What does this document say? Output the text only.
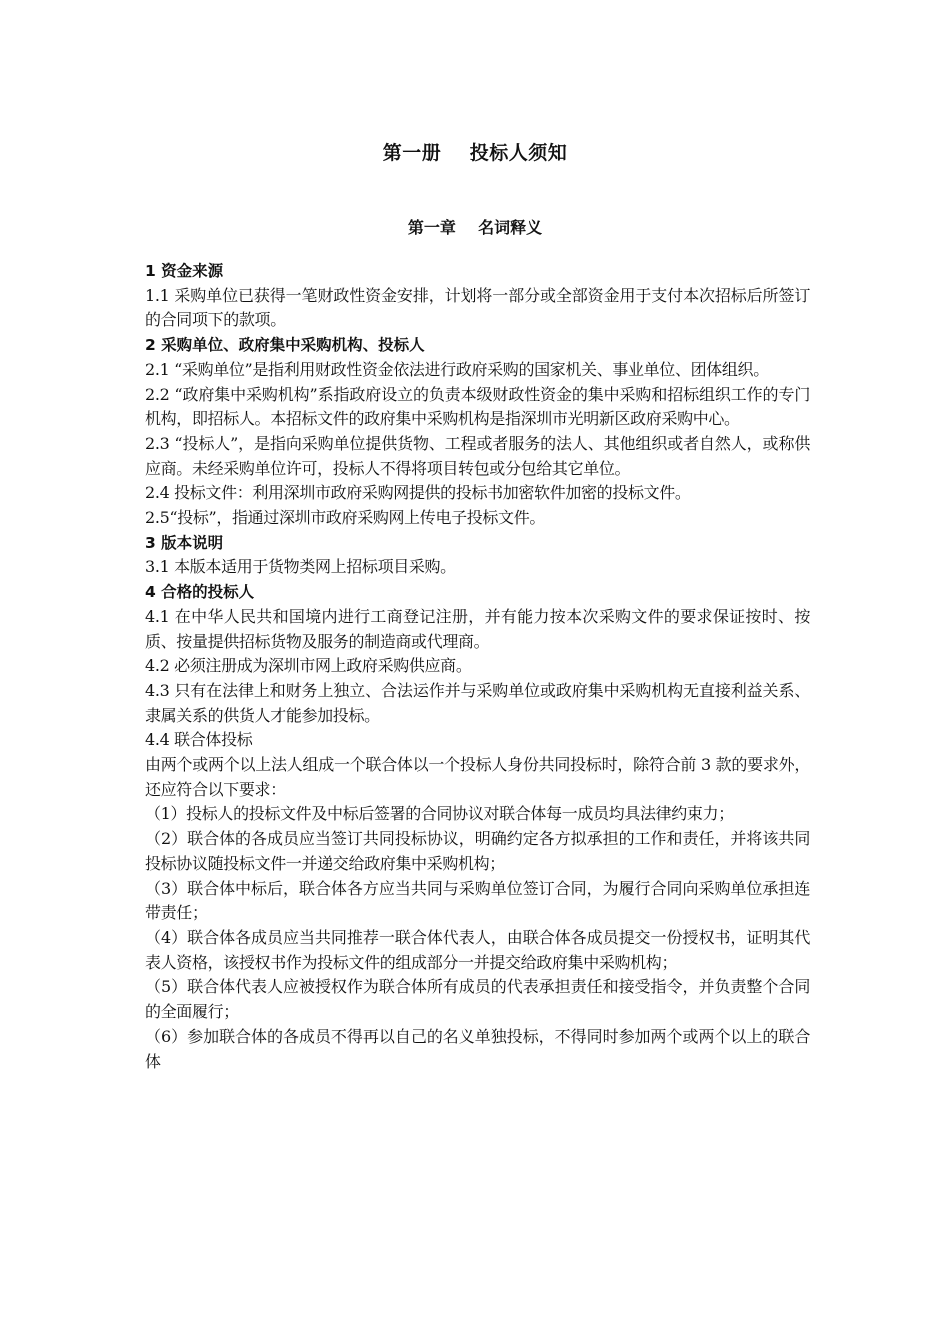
第一册    投标人须知
第一章    名词释义

1 资金来源

1.1 采购单位已获得一笔财政性资金安排，计划将一部分或全部资金用于支付本次招标后所签订的合同项下的款项。

2 采购单位、政府集中采购机构、投标人

2.1 “采购单位”是指利用财政性资金依法进行政府采购的国家机关、事业单位、团体组织。

2.2 “政府集中采购机构”系指政府设立的负责本级财政性资金的集中采购和招标组织工作的专门机构，即招标人。本招标文件的政府集中采购机构是指深圳市光明新区政府采购中心。

2.3 “投标人”，是指向采购单位提供货物、工程或者服务的法人、其他组织或者自然人，或称供应商。未经采购单位许可，投标人不得将项目转包或分包给其它单位。

2.4 投标文件：利用深圳市政府采购网提供的投标书加密软件加密的投标文件。

2.5“投标”，指通过深圳市政府采购网上传电子投标文件。

3 版本说明

3.1 本版本适用于货物类网上招标项目采购。

4 合格的投标人

4.1 在中华人民共和国境内进行工商登记注册，并有能力按本次采购文件的要求保证按时、按质、按量提供招标货物及服务的制造商或代理商。

4.2 必须注册成为深圳市网上政府采购供应商。

4.3 只有在法律上和财务上独立、合法运作并与采购单位或政府集中采购机构无直接利益关系、隶属关系的供货人才能参加投标。

4.4 联合体投标

由两个或两个以上法人组成一个联合体以一个投标人身份共同投标时，除符合前 3 款的要求外，还应符合以下要求：

（1）投标人的投标文件及中标后签署的合同协议对联合体每一成员均具法律约束力；

（2）联合体的各成员应当签订共同投标协议，明确约定各方拟承担的工作和责任，并将该共同投标协议随投标文件一并递交给政府集中采购机构；

（3）联合体中标后，联合体各方应当共同与采购单位签订合同，为履行合同向采购单位承担连带责任；

（4）联合体各成员应当共同推荐一联合体代表人，由联合体各成员提交一份授权书，证明其代表人资格，该授权书作为投标文件的组成部分一并提交给政府集中采购机构；

（5）联合体代表人应被授权作为联合体所有成员的代表承担责任和接受指令，并负责整个合同的全面履行；

（6）参加联合体的各成员不得再以自己的名义单独投标，不得同时参加两个或两个以上的联合体
